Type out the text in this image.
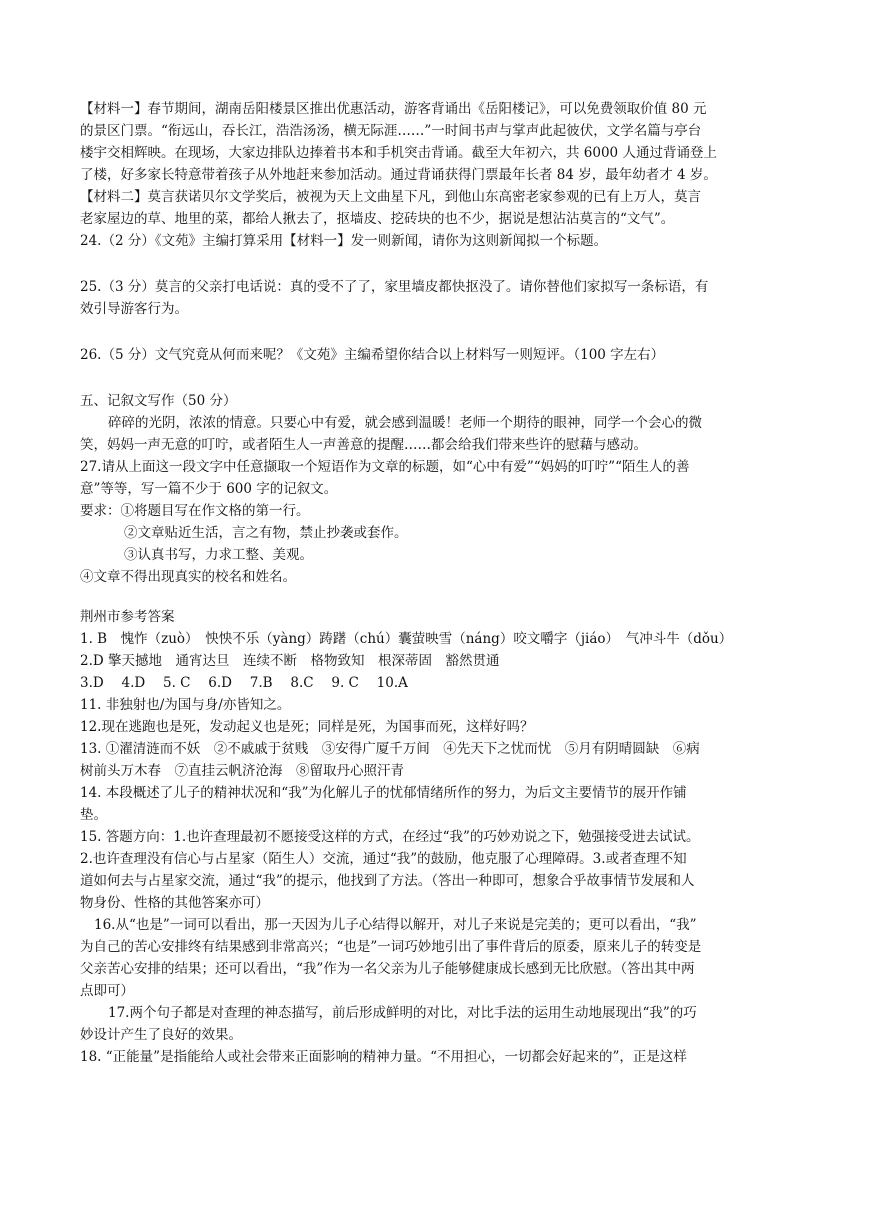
【材料一】春节期间，湖南岳阳楼景区推出优惠活动，游客背诵出《岳阳楼记》，可以免费领取价值 80 元
的景区门票。“衔远山，吞长江，浩浩汤汤，横无际涯……”一时间书声与掌声此起彼伏，文学名篇与亭台
楼宇交相辉映。在现场，大家边排队边捧着书本和手机突击背诵。截至大年初六，共 6000 人通过背诵登上
了楼，好多家长特意带着孩子从外地赶来参加活动。通过背诵获得门票最年长者 84 岁，最年幼者才 4 岁。
【材料二】莫言获诺贝尔文学奖后，被视为天上文曲星下凡，到他山东高密老家参观的已有上万人，莫言
老家屋边的草、地里的菜，都给人揪去了，抠墙皮、挖砖块的也不少，据说是想沾沾莫言的“文气”。
24.（2 分）《文苑》主编打算采用【材料一】发一则新闻，请你为这则新闻拟一个标题。
25.（3 分）莫言的父亲打电话说：真的受不了了，家里墙皮都快抠没了。请你替他们家拟写一条标语，有
效引导游客行为。
26.（5 分）文气究竟从何而来呢？《文苑》主编希望你结合以上材料写一则短评。（100 字左右）
五、记叙文写作（50 分）
碎碎的光阴，浓浓的情意。只要心中有爱，就会感到温暖！老师一个期待的眼神，同学一个会心的微
笑，妈妈一声无意的叮咛，或者陌生人一声善意的提醒……都会给我们带来些许的慰藉与感动。
27.请从上面这一段文字中任意撷取一个短语作为文章的标题，如“心中有爱”“妈妈的叮咛”“陌生人的善
意”等等，写一篇不少于 600 字的记叙文。
要求：①将题目写在作文格的第一行。
②文章贴近生活，言之有物，禁止抄袭或套作。
③认真书写，力求工整、美观。
④文章不得出现真实的校名和姓名。
荆州市参考答案
1. B　愧怍（zuò）　怏怏不乐（yàng）踌躇（chú）囊萤映雪（náng）咬文嚼字（jiáo）　气冲斗牛（dǒu）
2.D 擎天撼地　通宵达旦　连续不断　格物致知　根深蒂固　豁然贯通
3.D　 4.D　 5. C　 6.D　 7.B　 8.C　 9. C　 10.A
11. 非独射也/为国与身/亦皆知之。
12.现在逃跑也是死，发动起义也是死；同样是死，为国事而死，这样好吗？
13. ①濯清涟而不妖　②不戚戚于贫贱　③安得广厦千万间　④先天下之忧而忧　⑤月有阴晴圆缺　⑥病
树前头万木春　⑦直挂云帆济沧海　⑧留取丹心照汗青
14. 本段概述了儿子的精神状况和“我”为化解儿子的忧郁情绪所作的努力，为后文主要情节的展开作铺
垫。
15. 答题方向：1.也许查理最初不愿接受这样的方式，在经过“我”的巧妙劝说之下，勉强接受进去试试。
2.也许查理没有信心与占星家（陌生人）交流，通过“我”的鼓励，他克服了心理障碍。3.或者查理不知
道如何去与占星家交流，通过“我”的提示，他找到了方法。（答出一种即可，想象合乎故事情节发展和人
物身份、性格的其他答案亦可）
16.从“也是”一词可以看出，那一天因为儿子心结得以解开，对儿子来说是完美的；更可以看出，“我”
为自己的苦心安排终有结果感到非常高兴；“也是”一词巧妙地引出了事件背后的原委，原来儿子的转变是
父亲苦心安排的结果；还可以看出，“我”作为一名父亲为儿子能够健康成长感到无比欣慰。（答出其中两
点即可）
17.两个句子都是对查理的神态描写，前后形成鲜明的对比，对比手法的运用生动地展现出“我”的巧
妙设计产生了良好的效果。
18. “正能量”是指能给人或社会带来正面影响的精神力量。“不用担心，一切都会好起来的”，正是这样
